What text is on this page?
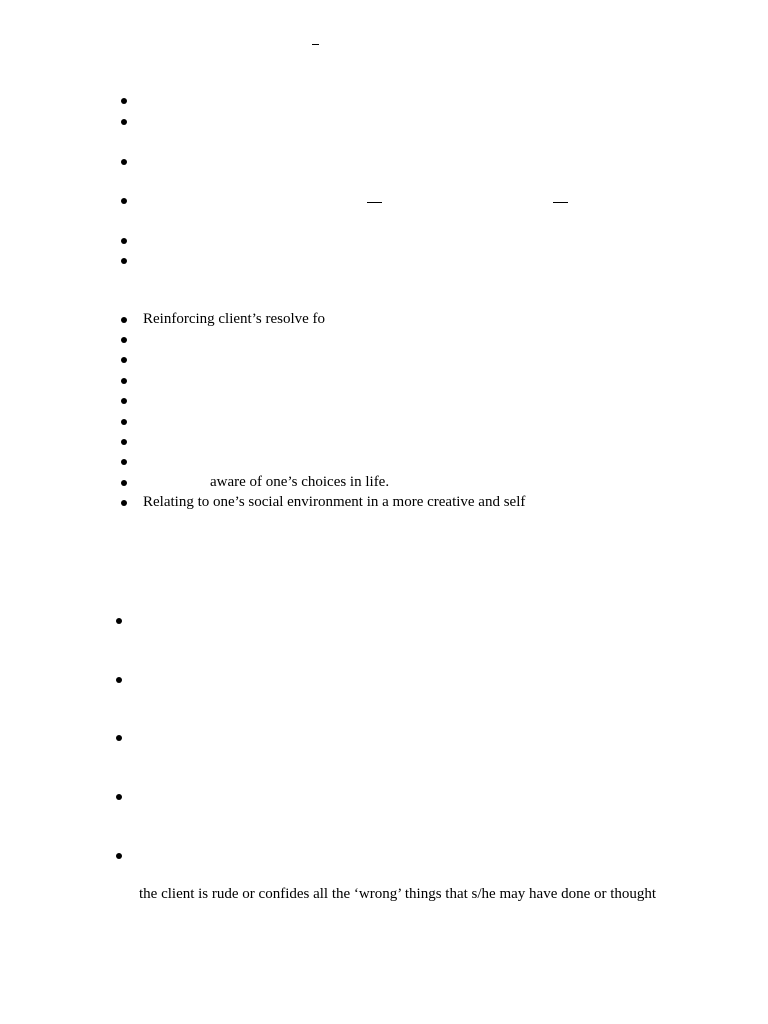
Reinforcing client’s resolve fo
aware of one’s choices in life.
Relating to one’s social environment in a more creative and self
the client is rude or confides all the ‘wrong’ things that s/he may have done or thought
